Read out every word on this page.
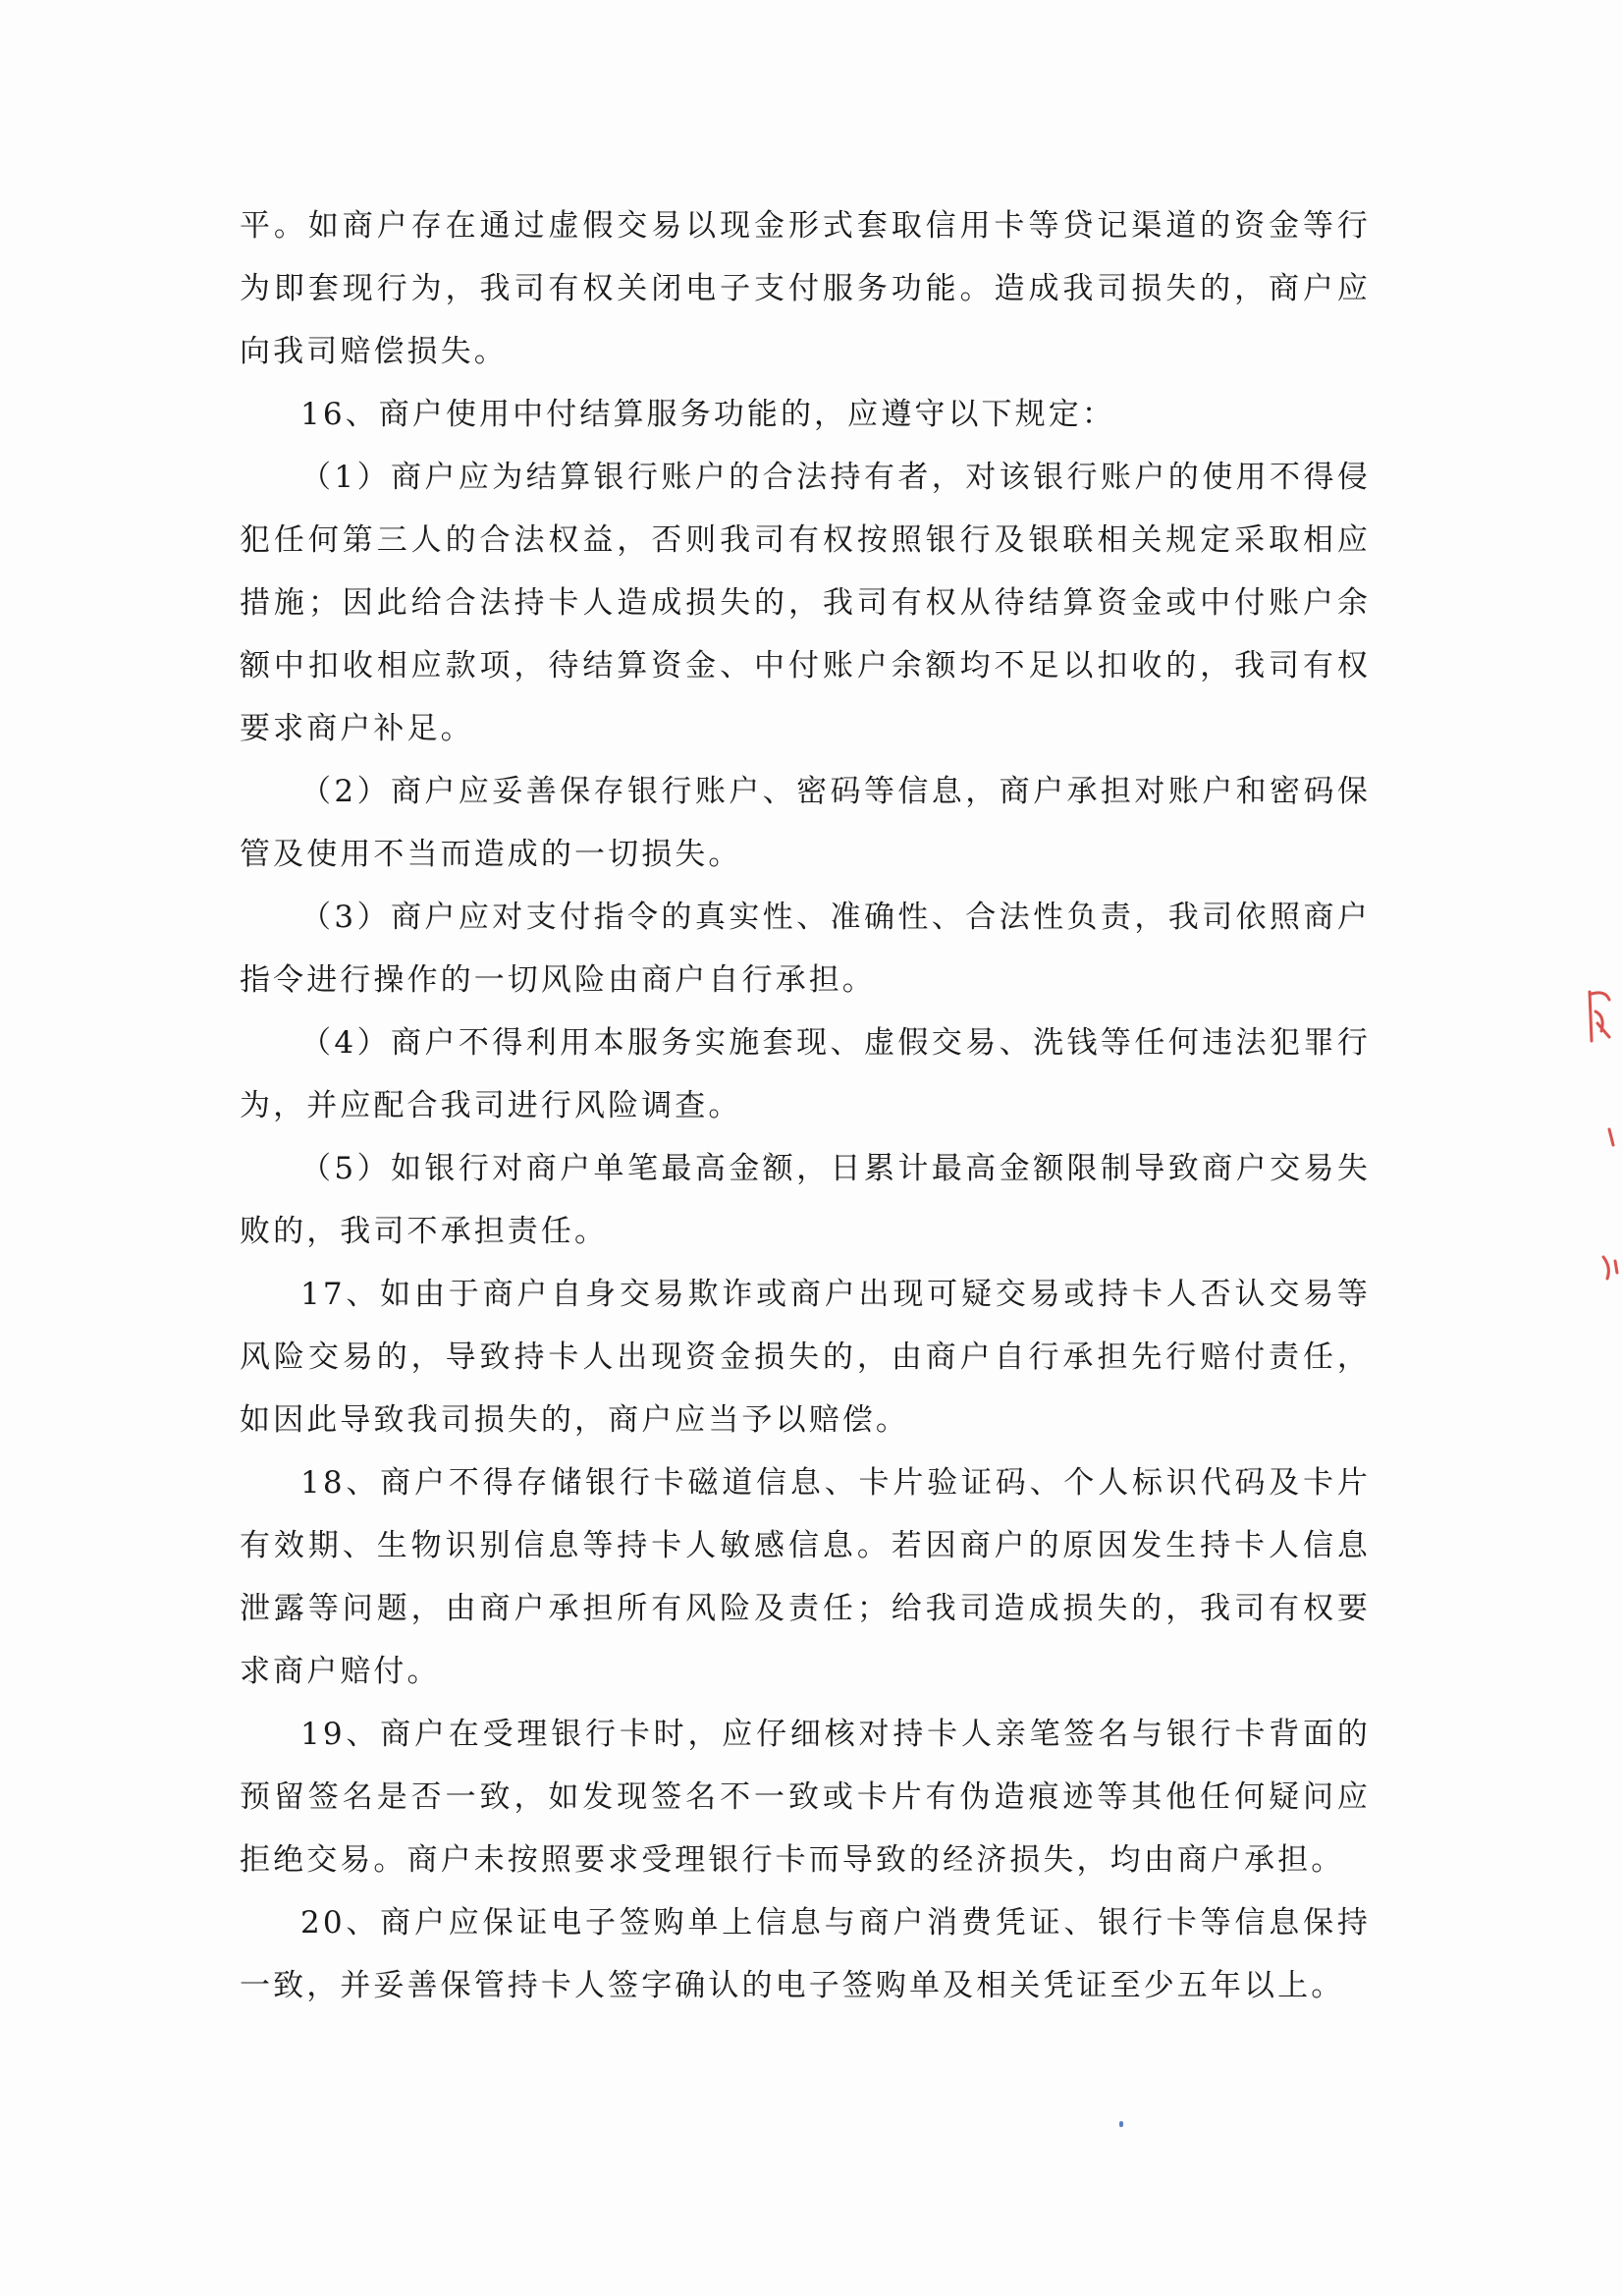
平。如商户存在通过虚假交易以现金形式套取信用卡等贷记渠道的资金等行为即套现行为，我司有权关闭电子支付服务功能。造成我司损失的，商户应向我司赔偿损失。

16、商户使用中付结算服务功能的，应遵守以下规定：

（1）商户应为结算银行账户的合法持有者，对该银行账户的使用不得侵犯任何第三人的合法权益，否则我司有权按照银行及银联相关规定采取相应措施；因此给合法持卡人造成损失的，我司有权从待结算资金或中付账户余额中扣收相应款项，待结算资金、中付账户余额均不足以扣收的，我司有权要求商户补足。

（2）商户应妥善保存银行账户、密码等信息，商户承担对账户和密码保管及使用不当而造成的一切损失。

（3）商户应对支付指令的真实性、准确性、合法性负责，我司依照商户指令进行操作的一切风险由商户自行承担。

（4）商户不得利用本服务实施套现、虚假交易、洗钱等任何违法犯罪行为，并应配合我司进行风险调查。

（5）如银行对商户单笔最高金额，日累计最高金额限制导致商户交易失败的，我司不承担责任。

17、如由于商户自身交易欺诈或商户出现可疑交易或持卡人否认交易等风险交易的，导致持卡人出现资金损失的，由商户自行承担先行赔付责任，如因此导致我司损失的，商户应当予以赔偿。

18、商户不得存储银行卡磁道信息、卡片验证码、个人标识代码及卡片有效期、生物识别信息等持卡人敏感信息。若因商户的原因发生持卡人信息泄露等问题，由商户承担所有风险及责任；给我司造成损失的，我司有权要求商户赔付。

19、商户在受理银行卡时，应仔细核对持卡人亲笔签名与银行卡背面的预留签名是否一致，如发现签名不一致或卡片有伪造痕迹等其他任何疑问应拒绝交易。商户未按照要求受理银行卡而导致的经济损失，均由商户承担。

20、商户应保证电子签购单上信息与商户消费凭证、银行卡等信息保持一致，并妥善保管持卡人签字确认的电子签购单及相关凭证至少五年以上。
